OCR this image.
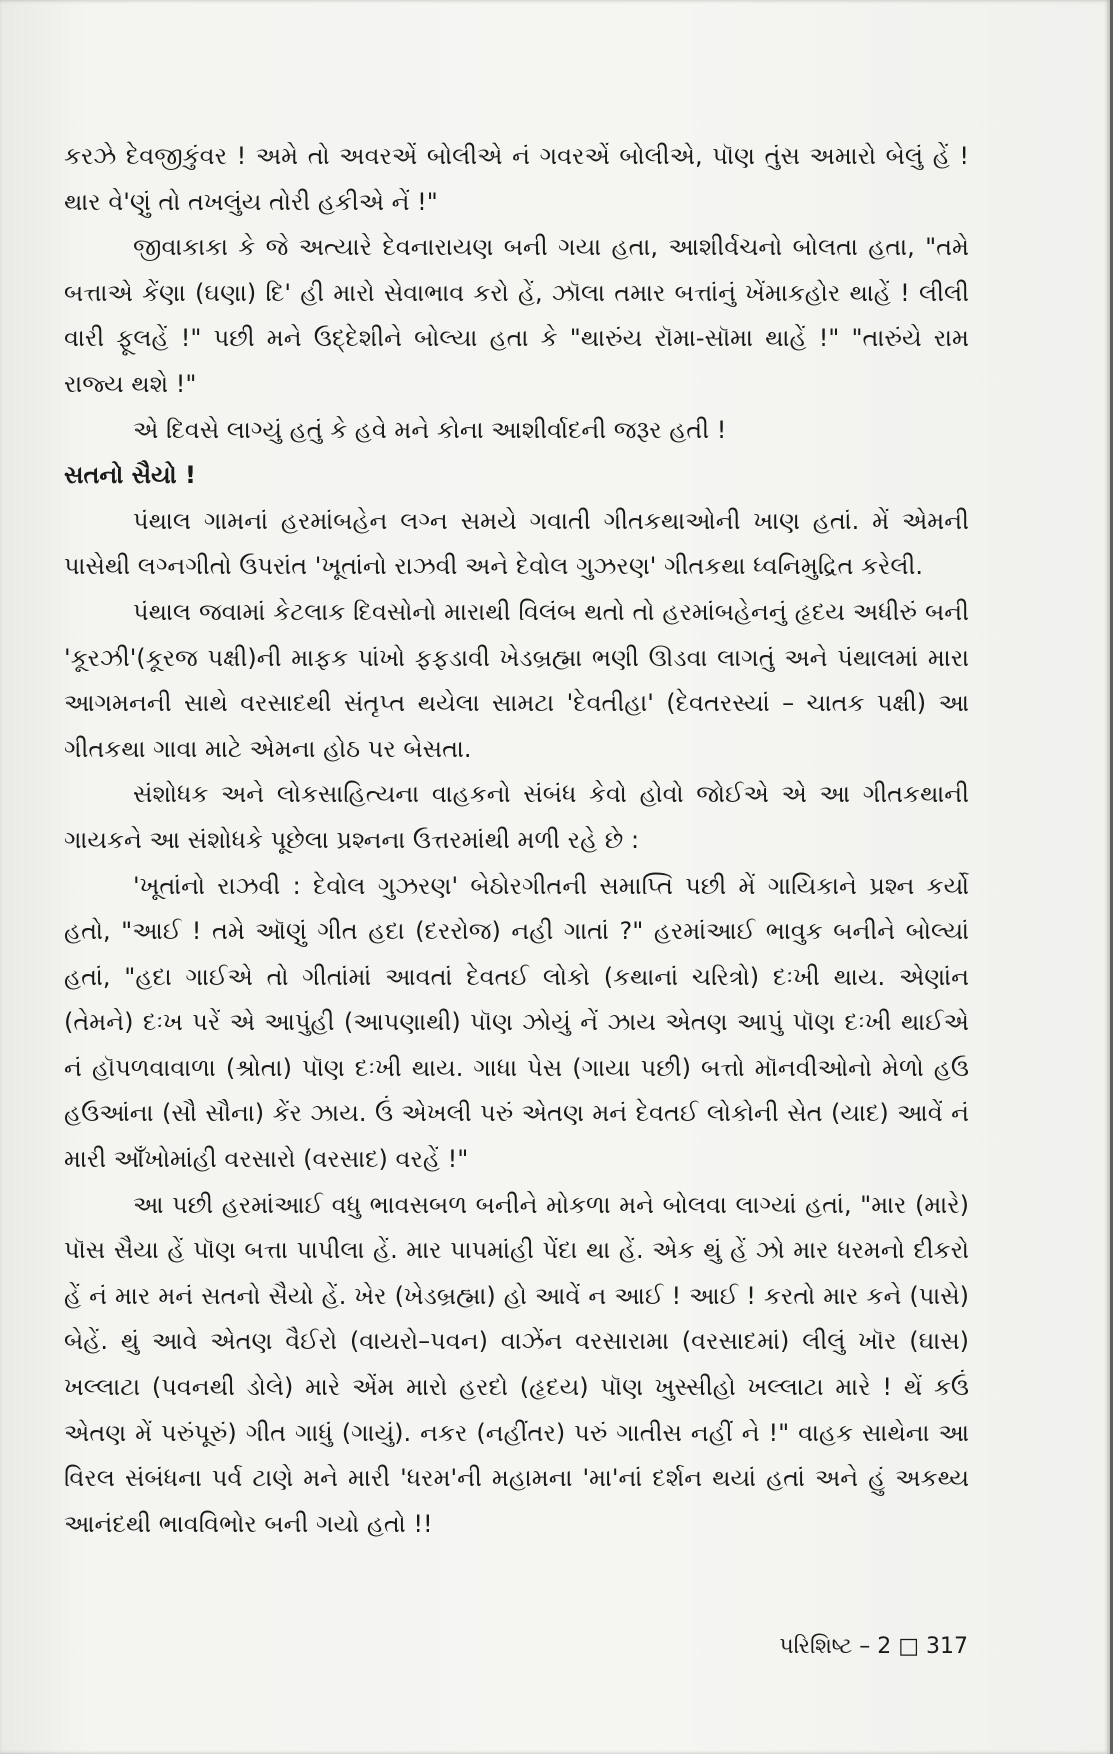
કરઝે દેવજીકુંવર ! અમે તો અવરએં બોલીએ નં ગવરએં બોલીએ, પૉણ તુંસ અમારો બેલું હેં ! થાર વે'ણું તો તખલુંય તોરી હકીએ નેં !"

જીવાકાકા કે જે અત્યારે દેવનારાયણ બની ગયા હતા, આશીર્વચનો બોલતા હતા, "તમે બત્તાએ કેંણા (ઘણા) દિ' હી મારો સેવાભાવ કરો હેં, ઝૉલા તમાર બત્તાંનું ખેંમાકહોર થાહેં ! લીલી વારી ફૂલહેં !" પછી મને ઉદ્દેશીને બોલ્યા હતા કે "થારુંય રૉમા-સૉમા થાહેં !" "તારુંયે રામ રાજ્ય થશે !"

એ દિવસે લાગ્યું હતું કે હવે મને કોના આશીર્વાદની જરૂર હતી !

સતનો સૈયો !

પંથાલ ગામનાં હરમાંબહેન લગ્ન સમયે ગવાતી ગીતકથાઓની ખાણ હતાં. મેં એમની પાસેથી લગ્નગીતો ઉપરાંત 'ખૂતાંનો રાઝવી અને દેવોલ ગુઝરણ' ગીતકથા ધ્વનિમુદ્રિત કરેલી.

પંથાલ જવામાં કેટલાક દિવસોનો મારાથી વિલંબ થતો તો હરમાંબહેનનું હૃદય અધીરું બની 'કૂરઝી'(કૂરજ પક્ષી)ની માફક પાંખો ફફડાવી ખેડબ્રહ્મા ભણી ઊડવા લાગતું અને પંથાલમાં મારા આગમનની સાથે વરસાદથી સંતૃપ્ત થયેલા સામટા 'દેવતીહા' (દેવતરસ્યાં – ચાતક પક્ષી) આ ગીતકથા ગાવા માટે એમના હોઠ પર બેસતા.

સંશોધક અને લોકસાહિત્યના વાહકનો સંબંધ કેવો હોવો જોઈએ એ આ ગીતકથાની ગાયકને આ સંશોધકે પૂછેલા પ્રશ્નના ઉત્તરમાંથી મળી રહે છે :

'ખૂતાંનો રાઝવી : દેવોલ ગુઝરણ' બેઠોરગીતની સમાપ્તિ પછી મેં ગાયિકાને પ્રશ્ન કર્યો હતો, "આઈ ! તમે ઑણું ગીત હદા (દરરોજ) નહી ગાતાં ?" હરમાંઆઈ ભાવુક બનીને બોલ્યાં હતાં, "હદા ગાઈએ તો ગીતાંમાં આવતાં દેવતઈ લોકો (કથાનાં ચરિત્રો) દઃખી થાય. એણાંન (તેમને) દઃખ પરેં એ આપુંહી (આપણાથી) પૉણ ઝોયું નેં ઝાય એતણ આપું પૉણ દઃખી થાઈએ નં હૉપળવાવાળા (શ્રોતા) પૉણ દઃખી થાય. ગાધા પેસ (ગાયા પછી) બત્તો મૉનવીઓનો મેળો હઉ હઉઆંના (સૌ સૌના) કેંર ઝાય. ઉં એખલી પરું એતણ મનં દેવતઈ લોકોની સેત (યાદ) આવેં નં મારી આઁખોમાંહી વરસારો (વરસાદ) વરહેં !"

આ પછી હરમાંઆઈ વધુ ભાવસબળ બનીને મોકળા મને બોલવા લાગ્યાં હતાં, "માર (મારે) પૉસ સૈયા હેં પૉણ બત્તા પાપીલા હેં. માર પાપમાંહી પેંદા થા હેં. એક થું હેં ઝો માર ધરમનો દીકરો હેં નં માર મનં સતનો સૈયો હેં. ખેર (ખેડબ્રહ્મા) હો આવેં ન આઈ ! આઈ ! કરતો માર કને (પાસે) બેહેં. થું આવે એતણ વૈઈરો (વાયરો–પવન) વાઝેંન વરસારામા (વરસાદમાં) લીલું ખૉર (ઘાસ) ખલ્લાટા (પવનથી ડોલે) મારે એંમ મારો હરદો (હૃદય) પૉણ ખુસ્સીહો ખલ્લાટા મારે ! થેં કઉં એતણ મેં પરુંપૂરું) ગીત ગાધું (ગાયું). નકર (નહીંતર) પરું ગાતીસ નહીં ને !" વાહક સાથેના આ વિરલ સંબંધના પર્વ ટાણે મને મારી 'ધરમ'ની મહામના 'મા'નાં દર્શન થયાં હતાં અને હું અકથ્ય આનંદથી ભાવવિભોર બની ગયો હતો !!

પરિશિષ્ટ – 2 □ 317
